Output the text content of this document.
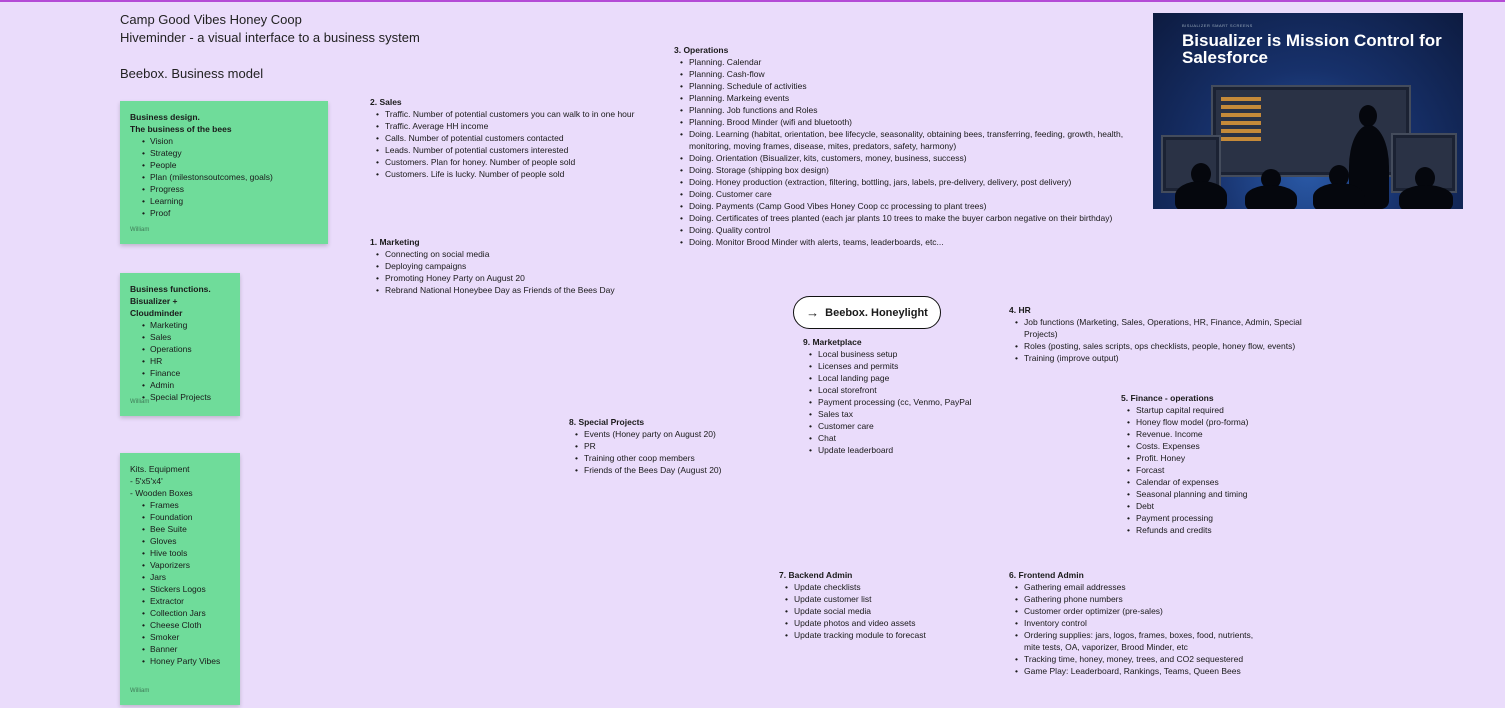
Camp Good Vibes Honey Coop
Hiveminder - a visual interface to a business system
Beebox. Business model
Business design.
The business of the bees
• Vision
• Strategy
• People
• Plan (milestonsoutcomes, goals)
• Progress
• Learning
• Proof
William
Business functions.
Bisualizer + Cloudminder
• Marketing
• Sales
• Operations
• HR
• Finance
• Admin
• Special Projects
William
Kits. Equipment
- 5'x5'x4'
- Wooden Boxes
• Frames
• Foundation
• Bee Suite
• Gloves
• Hive tools
• Vaporizers
• Jars
• Stickers Logos
• Extractor
• Collection Jars
• Cheese Cloth
• Smoker
• Banner
• Honey Party Vibes
William
2. Sales
• Traffic. Number of potential customers you can walk to in one hour
• Traffic. Average HH income
• Calls. Number of potential customers contacted
• Leads. Number of potential customers interested
• Customers. Plan for honey. Number of people sold
• Customers. Life is lucky. Number of people sold
1. Marketing
• Connecting on social media
• Deploying campaigns
• Promoting Honey Party on August 20
• Rebrand National Honeybee Day as Friends of the Bees Day
3. Operations
• Planning. Calendar
• Planning. Cash-flow
• Planning. Schedule of activities
• Planning. Markeing events
• Planning. Job functions and Roles
• Planning. Brood Minder (wifi and bluetooth)
• Doing. Learning (habitat, orientation, bee lifecycle, seasonality, obtaining bees, transferring, feeding, growth, health, monitoring, moving frames, disease, mites, predators, safety, harmony)
• Doing. Orientation (Bisualizer, kits, customers, money, business, success)
• Doing. Storage (shipping box design)
• Doing. Honey production (extraction, filtering, bottling, jars, labels, pre-delivery, delivery, post delivery)
• Doing. Customer care
• Doing. Payments (Camp Good Vibes Honey Coop cc processing to plant trees)
• Doing. Certificates of trees planted (each jar plants 10 trees to make the buyer carbon negative on their birthday)
• Doing. Quality control
• Doing. Monitor Brood Minder with alerts, teams, leaderboards, etc...
BISUALIZER SMART SCREENS
Bisualizer is Mission Control for Salesforce
→ Beebox. Honeylight	4. HR
• Job functions (Marketing, Sales, Operations, HR, Finance, Admin, Special Projects)
• Roles (posting, sales scripts, ops checklists, people, honey flow, events)
• Training (improve output)
9. Marketplace
• Local business setup
• Licenses and permits
• Local landing page
• Local storefront
• Payment processing (cc, Venmo, PayPal
• Sales tax
• Customer care
• Chat
• Update leaderboard
8. Special Projects
• Events (Honey party on August 20)
• PR
• Training other coop members
• Friends of the Bees Day (August 20)
5. Finance - operations
• Startup capital required
• Honey flow model (pro-forma)
• Revenue. Income
• Costs. Expenses
• Profit. Honey
• Forcast
• Calendar of expenses
• Seasonal planning and timing
• Debt
• Payment processing
• Refunds and credits
7. Backend Admin
• Update checklists
• Update customer list
• Update social media
• Update photos and video assets
• Update tracking module to forecast
6. Frontend Admin
• Gathering email addresses
• Gathering phone numbers
• Customer order optimizer (pre-sales)
• Inventory control
• Ordering supplies: jars, logos, frames, boxes, food, nutrients, mite tests, OA, vaporizer, Brood Minder, etc
• Tracking time, honey, money, trees, and CO2 sequestered
• Game Play: Leaderboard, Rankings, Teams, Queen Bees
